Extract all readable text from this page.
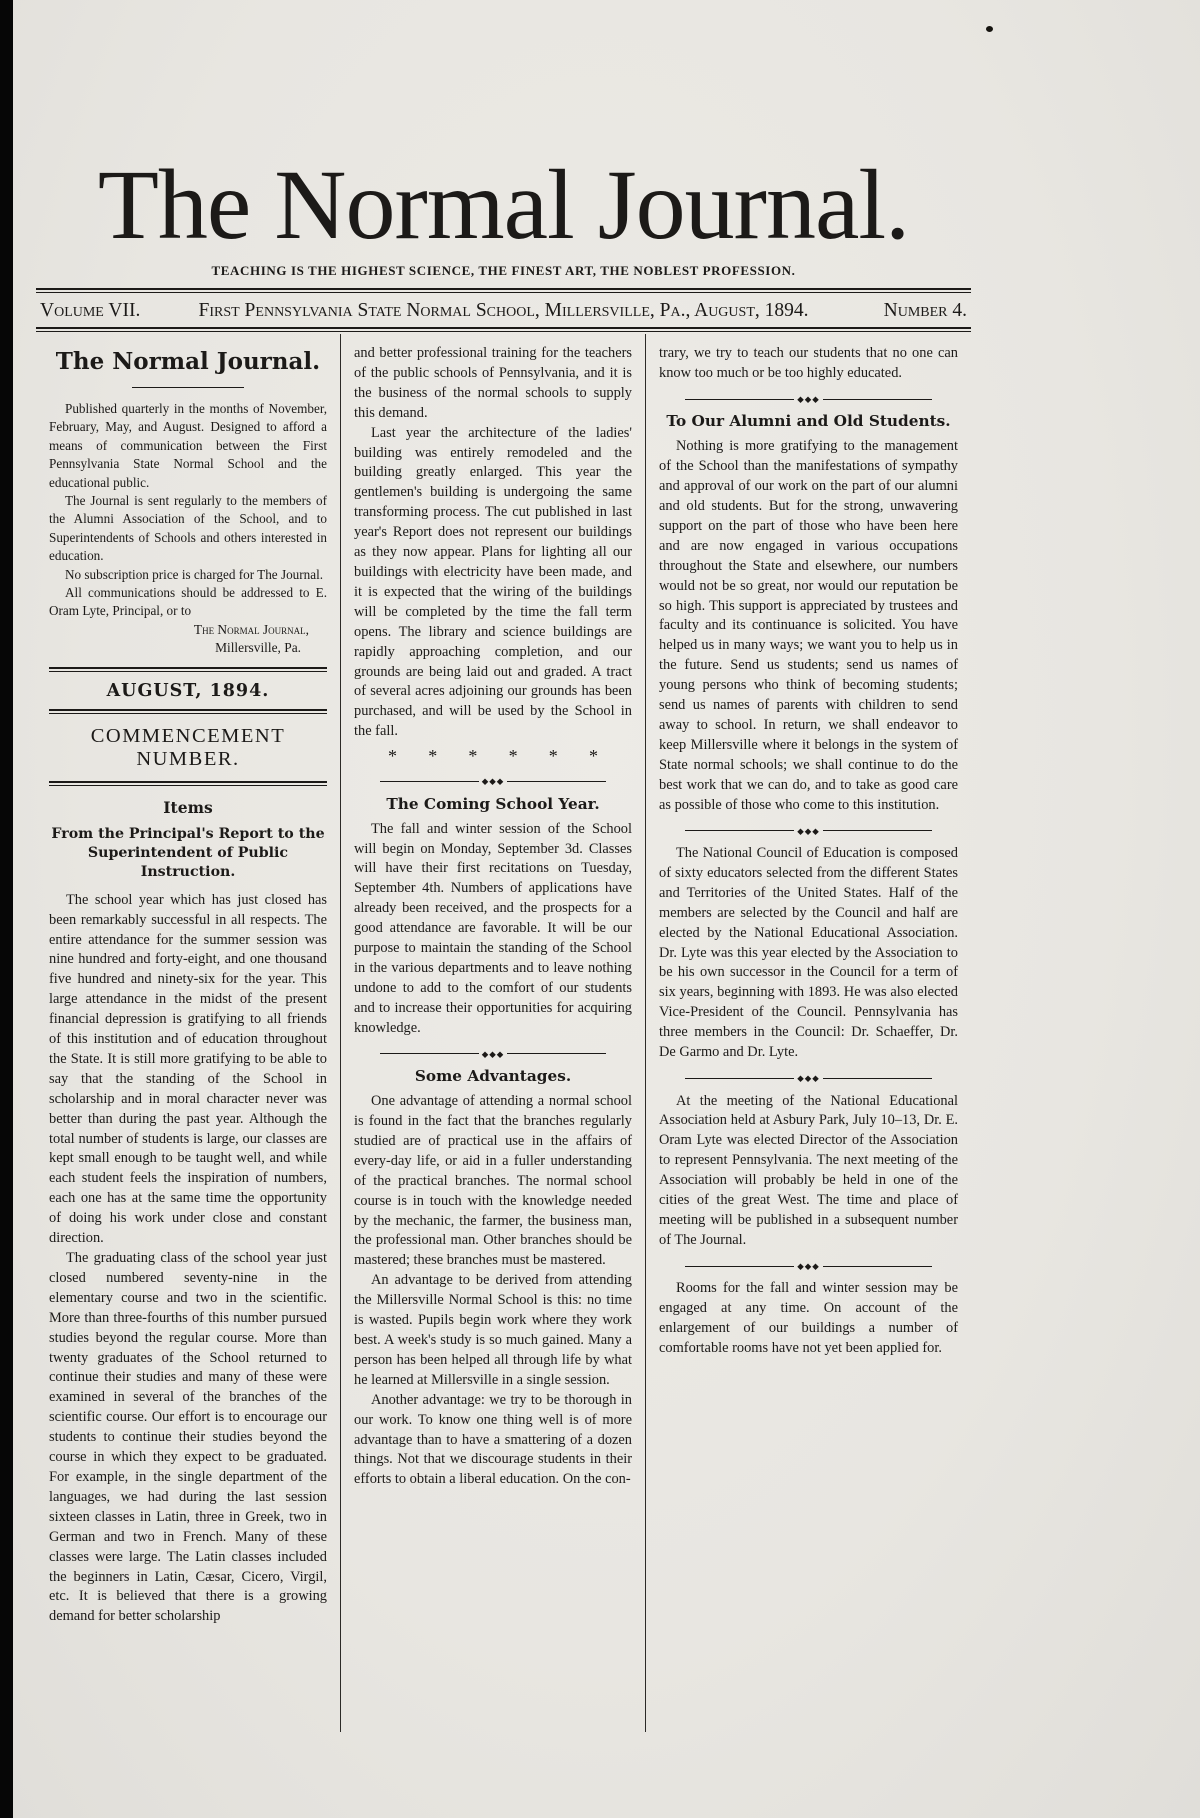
The Normal Journal.
TEACHING IS THE HIGHEST SCIENCE, THE FINEST ART, THE NOBLEST PROFESSION.
Volume VII.	First Pennsylvania State Normal School, Millersville, Pa., August, 1894.	Number 4.
The Normal Journal.

Published quarterly in the months of November, February, May, and August. Designed to afford a means of communication between the First Pennsylvania State Normal School and the educational public.

The Journal is sent regularly to the members of the Alumni Association of the School, and to Superintendents of Schools and others interested in education.

No subscription price is charged for The Journal.

All communications should be addressed to E. Oram Lyte, Principal, or to

The Normal Journal,
Millersville, Pa.
AUGUST, 1894.
COMMENCEMENT NUMBER.
Items
From the Principal's Report to the Superintendent of Public Instruction.

The school year which has just closed has been remarkably successful in all respects. The entire attendance for the summer session was nine hundred and forty-eight, and one thousand five hundred and ninety-six for the year. This large attendance in the midst of the present financial depression is gratifying to all friends of this institution and of education throughout the State. It is still more gratifying to be able to say that the standing of the School in scholarship and in moral character never was better than during the past year. Although the total number of students is large, our classes are kept small enough to be taught well, and while each student feels the inspiration of numbers, each one has at the same time the opportunity of doing his work under close and constant direction.

The graduating class of the school year just closed numbered seventy-nine in the elementary course and two in the scientific. More than three-fourths of this number pursued studies beyond the regular course. More than twenty graduates of the School returned to continue their studies and many of these were examined in several of the branches of the scientific course. Our effort is to encourage our students to continue their studies beyond the course in which they expect to be graduated. For example, in the single department of the languages, we had during the last session sixteen classes in Latin, three in Greek, two in German and two in French. Many of these classes were large. The Latin classes included the beginners in Latin, Cæsar, Cicero, Virgil, etc. It is believed that there is a growing demand for better scholarship

and better professional training for the teachers of the public schools of Pennsylvania, and it is the business of the normal schools to supply this demand.

Last year the architecture of the ladies' building was entirely remodeled and the building greatly enlarged. This year the gentlemen's building is undergoing the same transforming process. The cut published in last year's Report does not represent our buildings as they now appear. Plans for lighting all our buildings with electricity have been made, and it is expected that the wiring of the buildings will be completed by the time the fall term opens. The library and science buildings are rapidly approaching completion, and our grounds are being laid out and graded. A tract of several acres adjoining our grounds has been purchased, and will be used by the School in the fall.

* * * * * *
◆◆◆
The Coming School Year.

The fall and winter session of the School will begin on Monday, September 3d. Classes will have their first recitations on Tuesday, September 4th. Numbers of applications have already been received, and the prospects for a good attendance are favorable. It will be our purpose to maintain the standing of the School in the various departments and to leave nothing undone to add to the comfort of our students and to increase their opportunities for acquiring knowledge.

◆◆◆
Some Advantages.

One advantage of attending a normal school is found in the fact that the branches regularly studied are of practical use in the affairs of every-day life, or aid in a fuller understanding of the practical branches. The normal school course is in touch with the knowledge needed by the mechanic, the farmer, the business man, the professional man. Other branches should be mastered; these branches must be mastered.

An advantage to be derived from attending the Millersville Normal School is this: no time is wasted. Pupils begin work where they work best. A week's study is so much gained. Many a person has been helped all through life by what he learned at Millersville in a single session.

Another advantage: we try to be thorough in our work. To know one thing well is of more advantage than to have a smattering of a dozen things. Not that we discourage students in their efforts to obtain a liberal education. On the con-

trary, we try to teach our students that no one can know too much or be too highly educated.

◆◆◆
To Our Alumni and Old Students.

Nothing is more gratifying to the management of the School than the manifestations of sympathy and approval of our work on the part of our alumni and old students. But for the strong, unwavering support on the part of those who have been here and are now engaged in various occupations throughout the State and elsewhere, our numbers would not be so great, nor would our reputation be so high. This support is appreciated by trustees and faculty and its continuance is solicited. You have helped us in many ways; we want you to help us in the future. Send us students; send us names of young persons who think of becoming students; send us names of parents with children to send away to school. In return, we shall endeavor to keep Millersville where it belongs in the system of State normal schools; we shall continue to do the best work that we can do, and to take as good care as possible of those who come to this institution.

◆◆◆

The National Council of Education is composed of sixty educators selected from the different States and Territories of the United States. Half of the members are selected by the Council and half are elected by the National Educational Association. Dr. Lyte was this year elected by the Association to be his own successor in the Council for a term of six years, beginning with 1893. He was also elected Vice-President of the Council. Pennsylvania has three members in the Council: Dr. Schaeffer, Dr. De Garmo and Dr. Lyte.

◆◆◆

At the meeting of the National Educational Association held at Asbury Park, July 10–13, Dr. E. Oram Lyte was elected Director of the Association to represent Pennsylvania. The next meeting of the Association will probably be held in one of the cities of the great West. The time and place of meeting will be published in a subsequent number of The Journal.

◆◆◆

Rooms for the fall and winter session may be engaged at any time. On account of the enlargement of our buildings a number of comfortable rooms have not yet been applied for.
